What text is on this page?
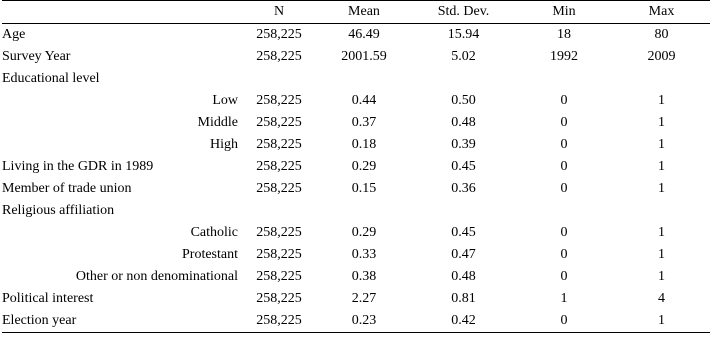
	N	Mean	Std. Dev.	Min	Max
Age	258,225	46.49	15.94	18	80
Survey Year	258,225	2001.59	5.02	1992	2009
Educational level					
Low	258,225	0.44	0.50	0	1
Middle	258,225	0.37	0.48	0	1
High	258,225	0.18	0.39	0	1
Living in the GDR in 1989	258,225	0.29	0.45	0	1
Member of trade union	258,225	0.15	0.36	0	1
Religious affiliation					
Catholic	258,225	0.29	0.45	0	1
Protestant	258,225	0.33	0.47	0	1
Other or non denominational	258,225	0.38	0.48	0	1
Political interest	258,225	2.27	0.81	1	4
Election year	258,225	0.23	0.42	0	1
